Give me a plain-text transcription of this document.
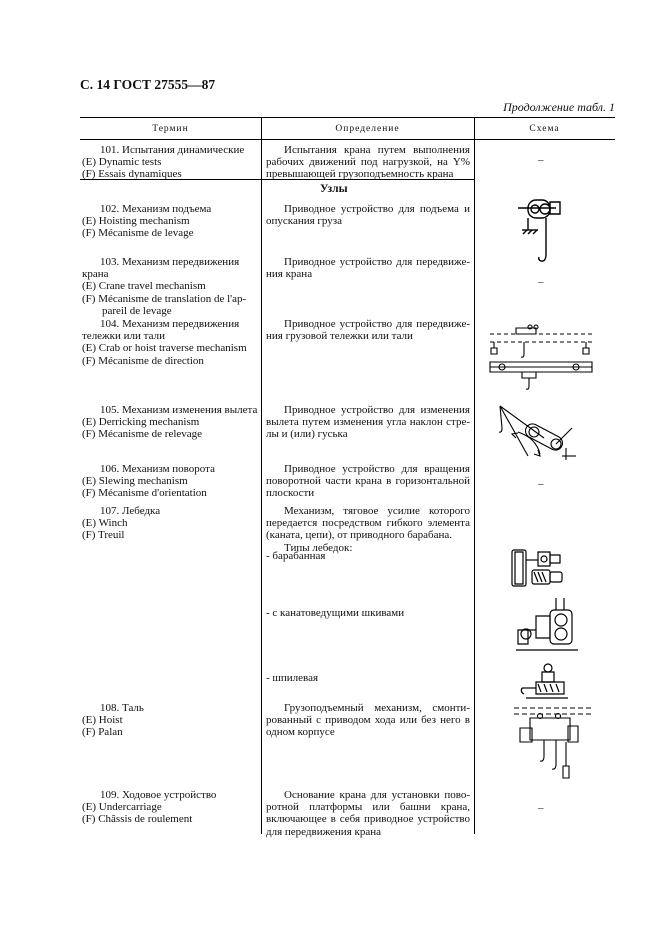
С. 14 ГОСТ 27555—87
Продолжение табл. 1
Термин	Определение	Схема
101. Испытания динамические
(E) Dynamic tests
(F) Essais dynamiques
Испытания крана путем выполнения рабочих движений под нагрузкой, на Y% превышающей грузоподъемность крана
–
Узлы
102. Механизм подъема
(E) Hoisting mechanism
(F) Mécanisme de levage
Приводное устройство для подъема и опускания груза
103. Механизм передвижения
крана
(E) Crane travel mechanism
(F) Mécanisme de translation de l'ap-
pareil de levage
Приводное устройство для передвиже-ния крана
–
104. Механизм передвижения
тележки или тали
(E) Crab or hoist traverse mechanism
(F) Mécanisme de direction
Приводное устройство для передвиже-ния грузовой тележки или тали
105. Механизм изменения вылета
(E) Derricking mechanism
(F) Mécanisme de relevage
Приводное устройство для изменения вылета путем изменения угла наклон стре-лы и (или) гуська
106. Механизм поворота
(E) Slewing mechanism
(F) Mécanisme d'orientation
Приводное устройство для вращения поворотной части крана в горизонтальной плоскости
–
107. Лебедка
(E) Winch
(F) Treuil
Механизм, тяговое усилие которого передается посредством гибкого элемента (каната, цепи), от приводного барабана.
Типы лебедок:
- барабанная
- с канатоведущими шкивами
- шпилевая
108. Таль
(E) Hoist
(F) Palan
Грузоподъемный механизм, смонти-рованный с приводом хода или без него в одном корпусе
109. Ходовое устройство
(E) Undercarriage
(F) Châssis de roulement
Основание крана для установки пово-ротной платформы или башни крана, включающее в себя приводное устройство для передвижения крана
–
